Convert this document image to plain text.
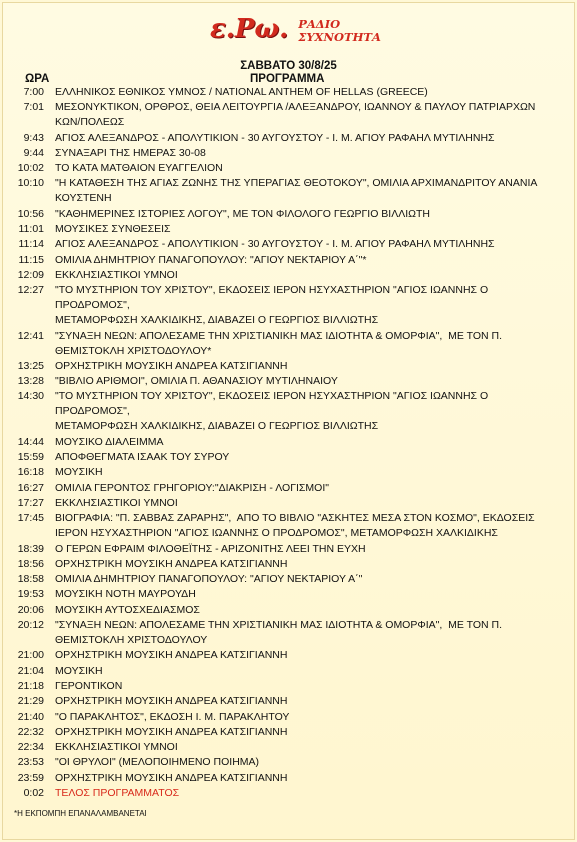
ε.Ρω. ΡΑΔΙΟ
ΣΥΧΝΟΤΗΤΑ
ΣΑΒΒΑΤΟ 30/8/25
ΩΡΑ	ΠΡΟΓΡΑΜΜΑ
7:00	ΕΛΛΗΝΙΚΟΣ ΕΘΝΙΚΟΣ ΥΜΝΟΣ / NATIONAL ANTHEM OF HELLAS (GREECE)
7:01	ΜΕΣΟΝΥΚΤΙΚΟΝ, ΟΡΘΡΟΣ, ΘΕΙΑ ΛΕΙΤΟΥΡΓΙΑ /ΑΛΕΞΑΝΔΡΟΥ, ΙΩΑΝΝΟΥ & ΠΑΥΛΟΥ ΠΑΤΡΙΑΡΧΩΝ
ΚΩΝ/ΠΟΛΕΩΣ
9:43	ΑΓΙΟΣ ΑΛΕΞΑΝΔΡΟΣ - ΑΠΟΛΥΤΙΚΙΟΝ - 30 ΑΥΓΟΥΣΤΟΥ - Ι. Μ. ΑΓΙΟΥ ΡΑΦΑΗΛ ΜΥΤΙΛΗΝΗΣ
9:44	ΣΥΝΑΞΑΡΙ ΤΗΣ ΗΜΕΡΑΣ 30-08
10:02	ΤΟ ΚΑΤΑ ΜΑΤΘΑΙΟΝ ΕΥΑΓΓΕΛΙΟΝ
10:10	"Η ΚΑΤΑΘΕΣΗ ΤΗΣ ΑΓΙΑΣ ΖΩΝΗΣ ΤΗΣ ΥΠΕΡΑΓΙΑΣ ΘΕΟΤΟΚΟΥ", ΟΜΙΛΙΑ ΑΡΧΙΜΑΝΔΡΙΤΟΥ ΑΝΑΝΙΑ
ΚΟΥΣΤΕΝΗ
10:56	"ΚΑΘΗΜΕΡΙΝΕΣ ΙΣΤΟΡΙΕΣ ΛΟΓΟΥ", ΜΕ ΤΟΝ ΦΙΛΟΛΟΓΟ ΓΕΩΡΓΙΟ ΒΙΛΛΙΩΤΗ
11:01	ΜΟΥΣΙΚΕΣ ΣΥΝΘΕΣΕΙΣ
11:14	ΑΓΙΟΣ ΑΛΕΞΑΝΔΡΟΣ - ΑΠΟΛΥΤΙΚΙΟΝ - 30 ΑΥΓΟΥΣΤΟΥ - Ι. Μ. ΑΓΙΟΥ ΡΑΦΑΗΛ ΜΥΤΙΛΗΝΗΣ
11:15	ΟΜΙΛΙΑ ΔΗΜΗΤΡΙΟΥ ΠΑΝΑΓΟΠΟΥΛΟΥ: "ΑΓΙΟΥ ΝΕΚΤΑΡΙΟΥ Α΄"*
12:09	ΕΚΚΛΗΣΙΑΣΤΙΚΟΙ ΥΜΝΟΙ
12:27	"ΤΟ ΜΥΣΤΗΡΙΟΝ ΤΟΥ ΧΡΙΣΤΟΥ", ΕΚΔΟΣΕΙΣ ΙΕΡΟΝ ΗΣΥΧΑΣΤΗΡΙΟΝ "ΑΓΙΟΣ ΙΩΑΝΝΗΣ Ο ΠΡΟΔΡΟΜΟΣ",
ΜΕΤΑΜΟΡΦΩΣΗ ΧΑΛΚΙΔΙΚΗΣ, ΔΙΑΒΑΖΕΙ Ο ΓΕΩΡΓΙΟΣ ΒΙΛΛΙΩΤΗΣ
12:41	"ΣΥΝΑΞΗ ΝΕΩΝ: ΑΠΟΛΕΣΑΜΕ ΤΗΝ ΧΡΙΣΤΙΑΝΙΚΗ ΜΑΣ ΙΔΙΟΤΗΤΑ & ΟΜΟΡΦΙΑ",  ΜΕ ΤΟΝ Π.
ΘΕΜΙΣΤΟΚΛΗ ΧΡΙΣΤΟΔΟΥΛΟΥ*
13:25	ΟΡΧΗΣΤΡΙΚΗ ΜΟΥΣΙΚΗ ΑΝΔΡΕΑ ΚΑΤΣΙΓΙΑΝΝΗ
13:28	"ΒΙΒΛΙΟ ΑΡΙΘΜΟΙ", ΟΜΙΛΙΑ Π. ΑΘΑΝΑΣΙΟΥ ΜΥΤΙΛΗΝΑΙΟΥ
14:30	"ΤΟ ΜΥΣΤΗΡΙΟΝ ΤΟΥ ΧΡΙΣΤΟΥ", ΕΚΔΟΣΕΙΣ ΙΕΡΟΝ ΗΣΥΧΑΣΤΗΡΙΟΝ "ΑΓΙΟΣ ΙΩΑΝΝΗΣ Ο ΠΡΟΔΡΟΜΟΣ",
ΜΕΤΑΜΟΡΦΩΣΗ ΧΑΛΚΙΔΙΚΗΣ, ΔΙΑΒΑΖΕΙ Ο ΓΕΩΡΓΙΟΣ ΒΙΛΛΙΩΤΗΣ
14:44	ΜΟΥΣΙΚΟ ΔΙΑΛΕΙΜΜΑ
15:59	ΑΠΟΦΘΕΓΜΑΤΑ ΙΣΑΑΚ ΤΟΥ ΣΥΡΟΥ
16:18	ΜΟΥΣΙΚΗ
16:27	ΟΜΙΛΙΑ ΓΕΡΟΝΤΟΣ ΓΡΗΓΟΡΙΟΥ:"ΔΙΑΚΡΙΣΗ - ΛΟΓΙΣΜΟΙ"
17:27	ΕΚΚΛΗΣΙΑΣΤΙΚΟΙ ΥΜΝΟΙ
17:45	ΒΙΟΓΡΑΦΙΑ: "Π. ΣΑΒΒΑΣ ΖΑΡΑΡΗΣ",  ΑΠΟ ΤΟ ΒΙΒΛΙΟ "ΑΣΚΗΤΕΣ ΜΕΣΑ ΣΤΟΝ ΚΟΣΜΟ", ΕΚΔΟΣΕΙΣ
ΙΕΡΟΝ ΗΣΥΧΑΣΤΗΡΙΟΝ "ΑΓΙΟΣ ΙΩΑΝΝΗΣ Ο ΠΡΟΔΡΟΜΟΣ", ΜΕΤΑΜΟΡΦΩΣΗ ΧΑΛΚΙΔΙΚΗΣ
18:39	Ο ΓΕΡΩΝ ΕΦΡΑΙΜ ΦΙΛΟΘΕΪΤΗΣ - ΑΡΙΖΟΝΙΤΗΣ ΛΕΕΙ ΤΗΝ ΕΥΧΗ
18:56	ΟΡΧΗΣΤΡΙΚΗ ΜΟΥΣΙΚΗ ΑΝΔΡΕΑ ΚΑΤΣΙΓΙΑΝΝΗ
18:58	ΟΜΙΛΙΑ ΔΗΜΗΤΡΙΟΥ ΠΑΝΑΓΟΠΟΥΛΟΥ: "ΑΓΙΟΥ ΝΕΚΤΑΡΙΟΥ Α΄"
19:53	ΜΟΥΣΙΚΗ ΝΟΤΗ ΜΑΥΡΟΥΔΗ
20:06	ΜΟΥΣΙΚΗ ΑΥΤΟΣΧΕΔΙΑΣΜΟΣ
20:12	"ΣΥΝΑΞΗ ΝΕΩΝ: ΑΠΟΛΕΣΑΜΕ ΤΗΝ ΧΡΙΣΤΙΑΝΙΚΗ ΜΑΣ ΙΔΙΟΤΗΤΑ & ΟΜΟΡΦΙΑ",  ΜΕ ΤΟΝ Π.
ΘΕΜΙΣΤΟΚΛΗ ΧΡΙΣΤΟΔΟΥΛΟΥ
21:00	ΟΡΧΗΣΤΡΙΚΗ ΜΟΥΣΙΚΗ ΑΝΔΡΕΑ ΚΑΤΣΙΓΙΑΝΝΗ
21:04	ΜΟΥΣΙΚΗ
21:18	ΓΕΡΟΝΤΙΚΟΝ
21:29	ΟΡΧΗΣΤΡΙΚΗ ΜΟΥΣΙΚΗ ΑΝΔΡΕΑ ΚΑΤΣΙΓΙΑΝΝΗ
21:40	"Ο ΠΑΡΑΚΛΗΤΟΣ", ΕΚΔΟΣΗ Ι. Μ. ΠΑΡΑΚΛΗΤΟΥ
22:32	ΟΡΧΗΣΤΡΙΚΗ ΜΟΥΣΙΚΗ ΑΝΔΡΕΑ ΚΑΤΣΙΓΙΑΝΝΗ
22:34	ΕΚΚΛΗΣΙΑΣΤΙΚΟΙ ΥΜΝΟΙ
23:53	"ΟΙ ΘΡΥΛΟΙ" (ΜΕΛΟΠΟΙΗΜΕΝΟ ΠΟΙΗΜΑ)
23:59	ΟΡΧΗΣΤΡΙΚΗ ΜΟΥΣΙΚΗ ΑΝΔΡΕΑ ΚΑΤΣΙΓΙΑΝΝΗ
0:02	ΤΕΛΟΣ ΠΡΟΓΡΑΜΜΑΤΟΣ
*Η ΕΚΠΟΜΠΗ ΕΠΑΝΑΛΑΜΒΑΝΕΤΑΙ
